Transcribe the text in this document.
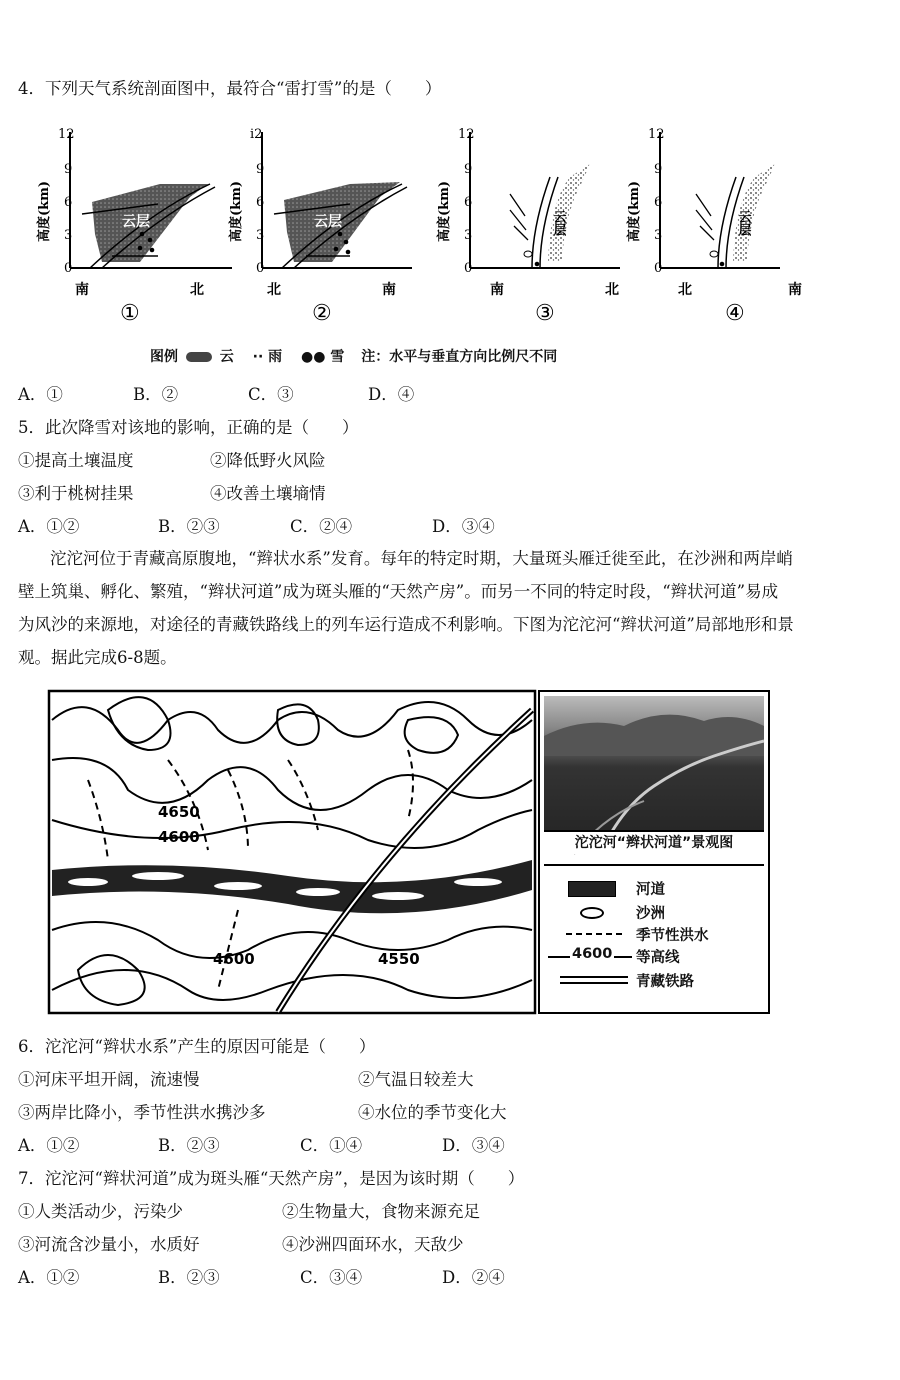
4．下列天气系统剖面图中，最符合“雷打雪”的是（　　）
12
9
6
3
0
高度(km)	云层
南	北
①
i2
9
6
3
0
高度(km)	云层
北	南
②
12
9
6
3
0
高度(km)	云层
南	北
③
12
9
6
3
0
高度(km)	云层
北	南
④
图例	云 ·· 雨 ●● 雪 注：水平与垂直方向比例尺不同
A．①	B．②	C．③	D．④
5．此次降雪对该地的影响，正确的是（　　）
①提高土壤温度	②降低野火风险
③利于桃树挂果	④改善土壤墒情
A．①②	B．②③	C．②④	D．③④
沱沱河位于青藏高原腹地，“辫状水系”发育。每年的特定时期，大量斑头雁迁徙至此，在沙洲和两岸峭
壁上筑巢、孵化、繁殖，“辫状河道”成为斑头雁的“天然产房”。而另一不同的特定时段，“辫状河道”易成
为风沙的来源地，对途径的青藏铁路线上的列车运行造成不利影响。下图为沱沱河“辫状河道”局部地形和景
观。据此完成6-8题。
4650
4600
4600	4550
沱沱河“辫状河道”景观图
河道
沙洲
季节性洪水
4600 等高线
青藏铁路
6．沱沱河“辫状水系”产生的原因可能是（　　）
①河床平坦开阔，流速慢	②气温日较差大
③两岸比降小，季节性洪水携沙多	④水位的季节变化大
A．①②	B．②③	C．①④	D．③④
7．沱沱河“辫状河道”成为斑头雁“天然产房”，是因为该时期（　　）
①人类活动少，污染少	②生物量大，食物来源充足
③河流含沙量小，水质好	④沙洲四面环水，天敌少
A．①②	B．②③	C．③④	D．②④
